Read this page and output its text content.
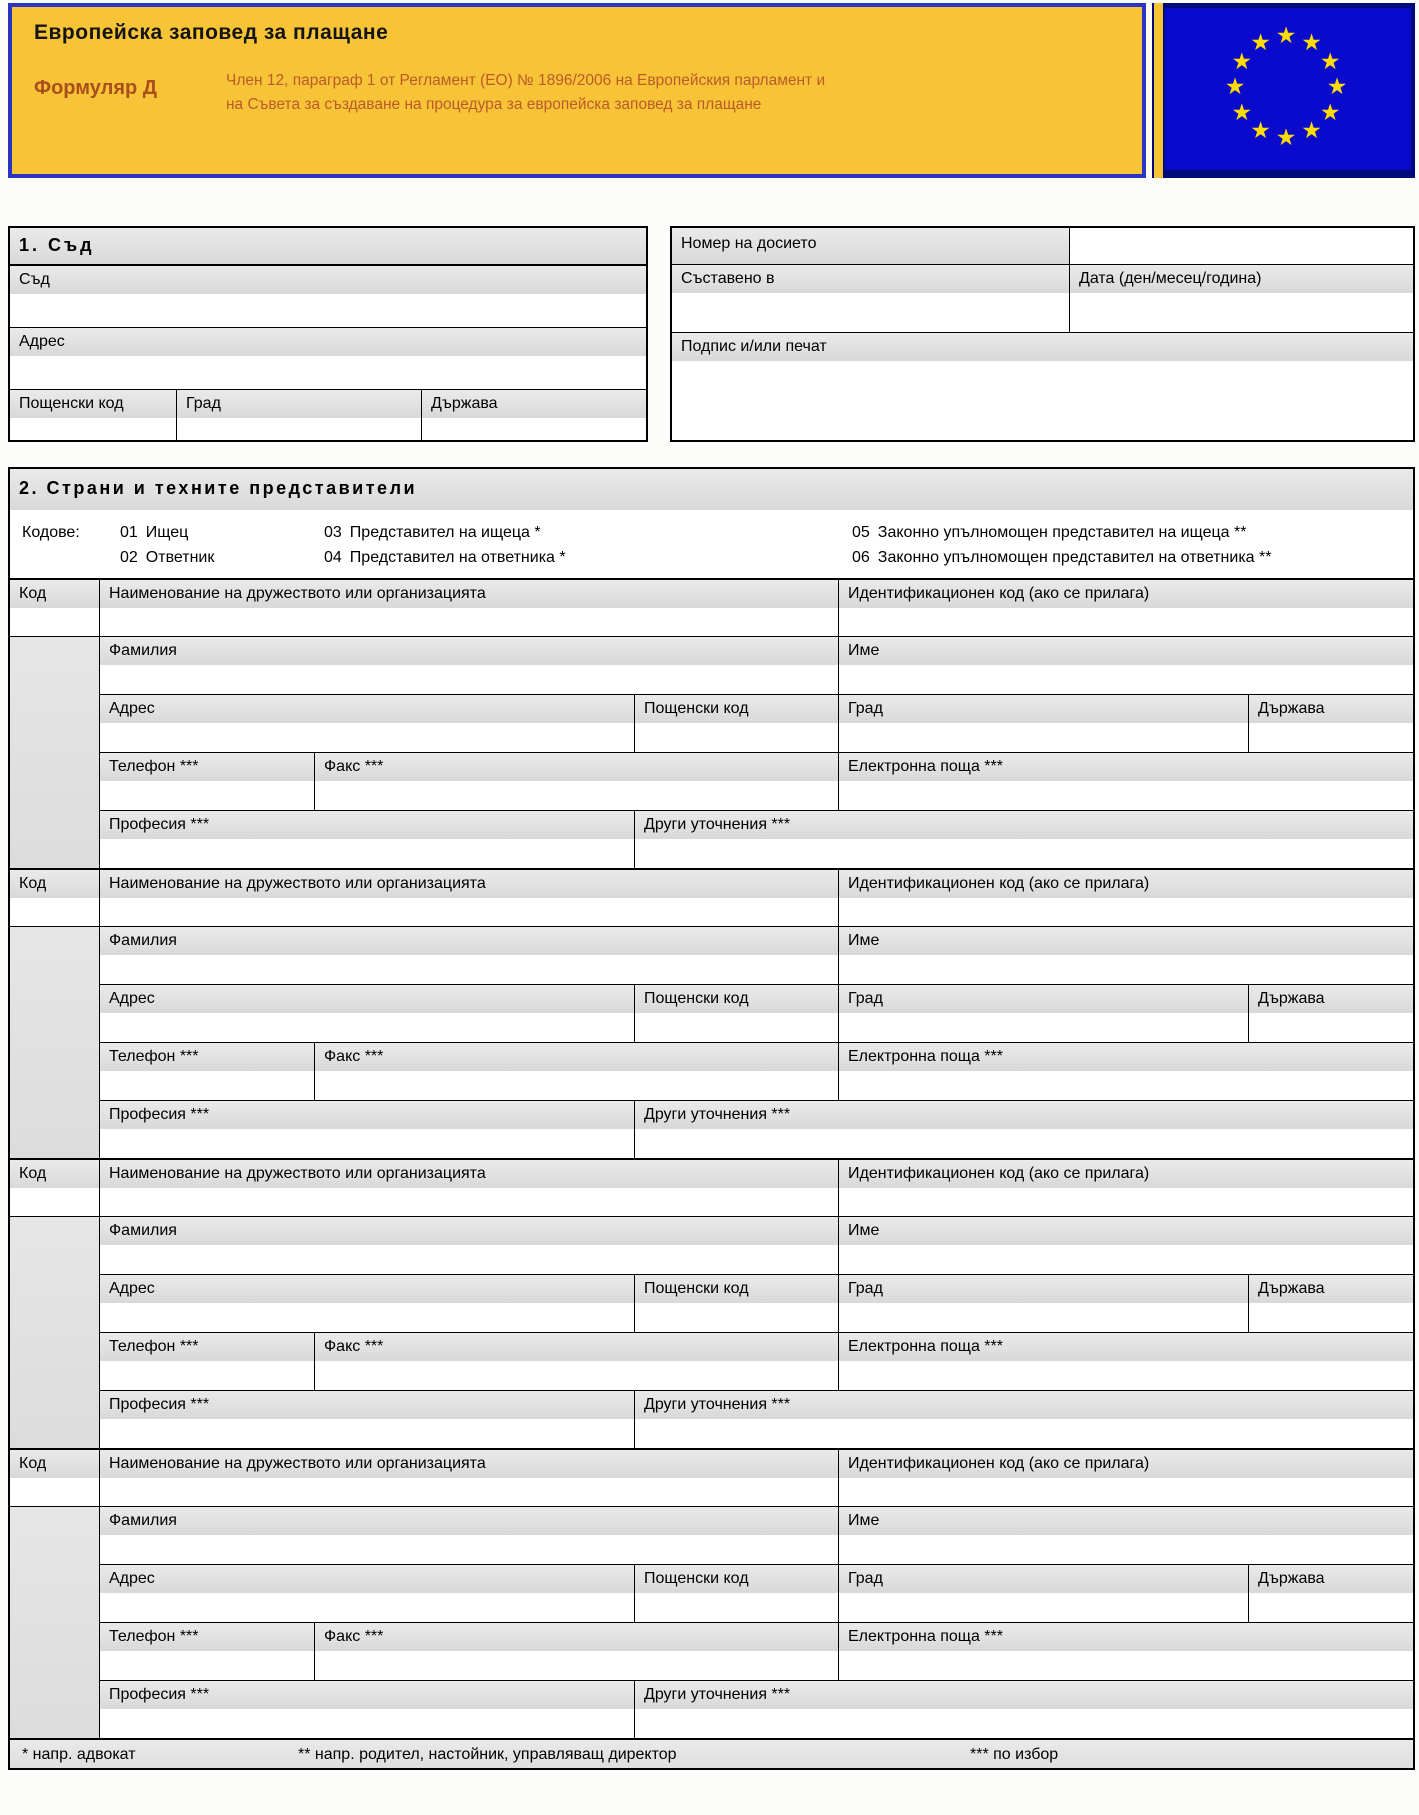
Европейска заповед за плащане
Формуляр Д	Член 12, параграф 1 от Регламент (ЕО) № 1896/2006 на Европейския парламент и
на Съвета за създаване на процедура за европейска заповед за плащане
★ ★
★
★
★
★
★
★
★
★
★
★
1. Съд
Съд
Адрес
Пощенски код	Град	Държава
Номер на досието
Съставено в	Дата (ден/месец/година)
Подпис и/или печат
2. Страни и техните представители
Кодове:	01 Ищец
02 Ответник
03 Представител на ищеца *
04 Представител на ответника *
05 Законно упълномощен представител на ищеца **
06 Законно упълномощен представител на ответника **
Код	Наименование на дружеството или организацията	Идентификационен код (ако се прилага)
Фамилия	Име
Адрес	Пощенски код	Град	Държава
Телефон ***	Факс ***	Електронна поща ***
Професия ***	Други уточнения ***
Код	Наименование на дружеството или организацията	Идентификационен код (ако се прилага)
Фамилия	Име
Адрес	Пощенски код	Град	Държава
Телефон ***	Факс ***	Електронна поща ***
Професия ***	Други уточнения ***
Код	Наименование на дружеството или организацията	Идентификационен код (ако се прилага)
Фамилия	Име
Адрес	Пощенски код	Град	Държава
Телефон ***	Факс ***	Електронна поща ***
Професия ***	Други уточнения ***
Код	Наименование на дружеството или организацията	Идентификационен код (ако се прилага)
Фамилия	Име
Адрес	Пощенски код	Град	Държава
Телефон ***	Факс ***	Електронна поща ***
Професия ***	Други уточнения ***
* напр. адвокат	** напр. родител, настойник, управляващ директор	*** по избор
